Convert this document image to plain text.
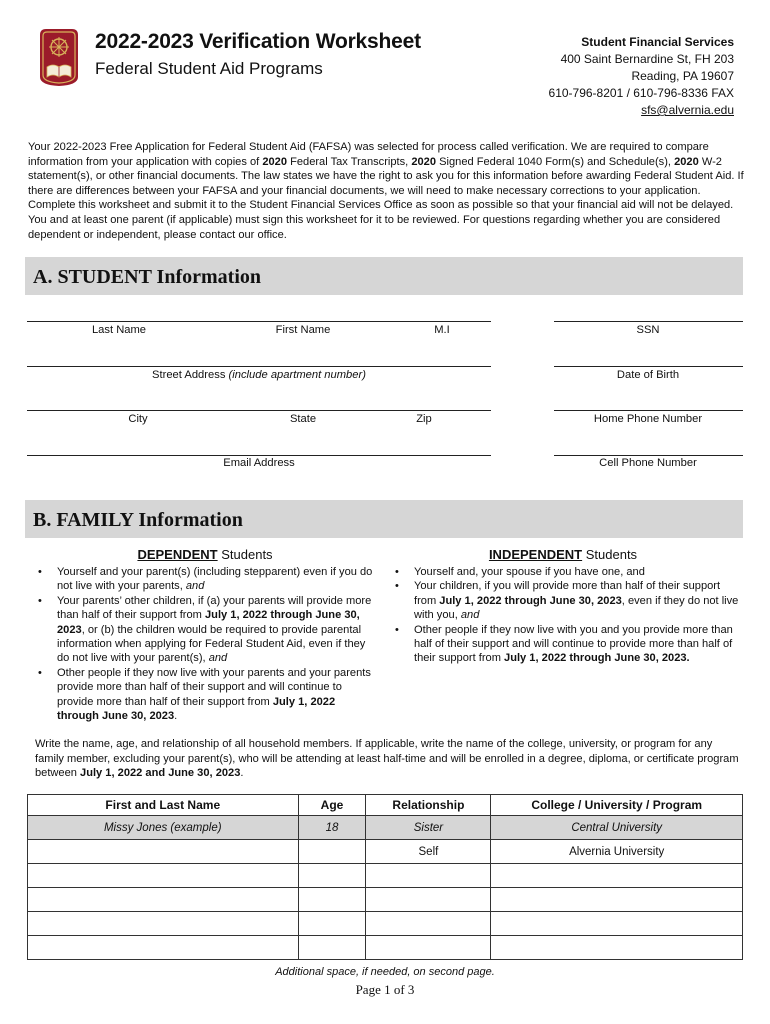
2022-2023 Verification Worksheet
Federal Student Aid Programs
Student Financial Services
400 Saint Bernardine St, FH 203
Reading, PA 19607
610-796-8201 / 610-796-8336 FAX
sfs@alvernia.edu

Your 2022-2023 Free Application for Federal Student Aid (FAFSA) was selected for process called verification. We are required to compare information from your application with copies of 2020 Federal Tax Transcripts, 2020 Signed Federal 1040 Form(s) and Schedule(s), 2020 W-2 statement(s), or other financial documents. The law states we have the right to ask you for this information before awarding Federal Student Aid. If there are differences between your FAFSA and your financial documents, we will need to make necessary corrections to your application. Complete this worksheet and submit it to the Student Financial Services Office as soon as possible so that your financial aid will not be delayed. You and at least one parent (if applicable) must sign this worksheet for it to be reviewed. For questions regarding whether you are considered dependent or independent, please contact our office.

A. STUDENT Information
Last Name	First Name	M.I	SSN
Street Address (include apartment number)	Date of Birth
City	State	Zip	Home Phone Number
Email Address	Cell Phone Number
B. FAMILY Information
DEPENDENT Students	INDEPENDENT Students
• Yourself and your parent(s) (including stepparent) even if you do not live with your parents, and
• Your parents’ other children, if (a) your parents will provide more than half of their support from July 1, 2022 through June 30, 2023, or (b) the children would be required to provide parental information when applying for Federal Student Aid, even if they do not live with your parent(s), and
• Other people if they now live with your parents and your parents provide more than half of their support and will continue to provide more than half of their support from July 1, 2022 through June 30, 2023.
• Yourself and, your spouse if you have one, and
• Your children, if you will provide more than half of their support from July 1, 2022 through June 30, 2023, even if they do not live with you, and
• Other people if they now live with you and you provide more than half of their support and will continue to provide more than half of their support from July 1, 2022 through June 30, 2023.

Write the name, age, and relationship of all household members. If applicable, write the name of the college, university, or program for any family member, excluding your parent(s), who will be attending at least half-time and will be enrolled in a degree, diploma, or certificate program between July 1, 2022 and June 30, 2023.

First and Last Name	Age	Relationship	College / University / Program
Missy Jones (example)	18	Sister	Central University
		Self	Alvernia University

Additional space, if needed, on second page.
Page 1 of 3
